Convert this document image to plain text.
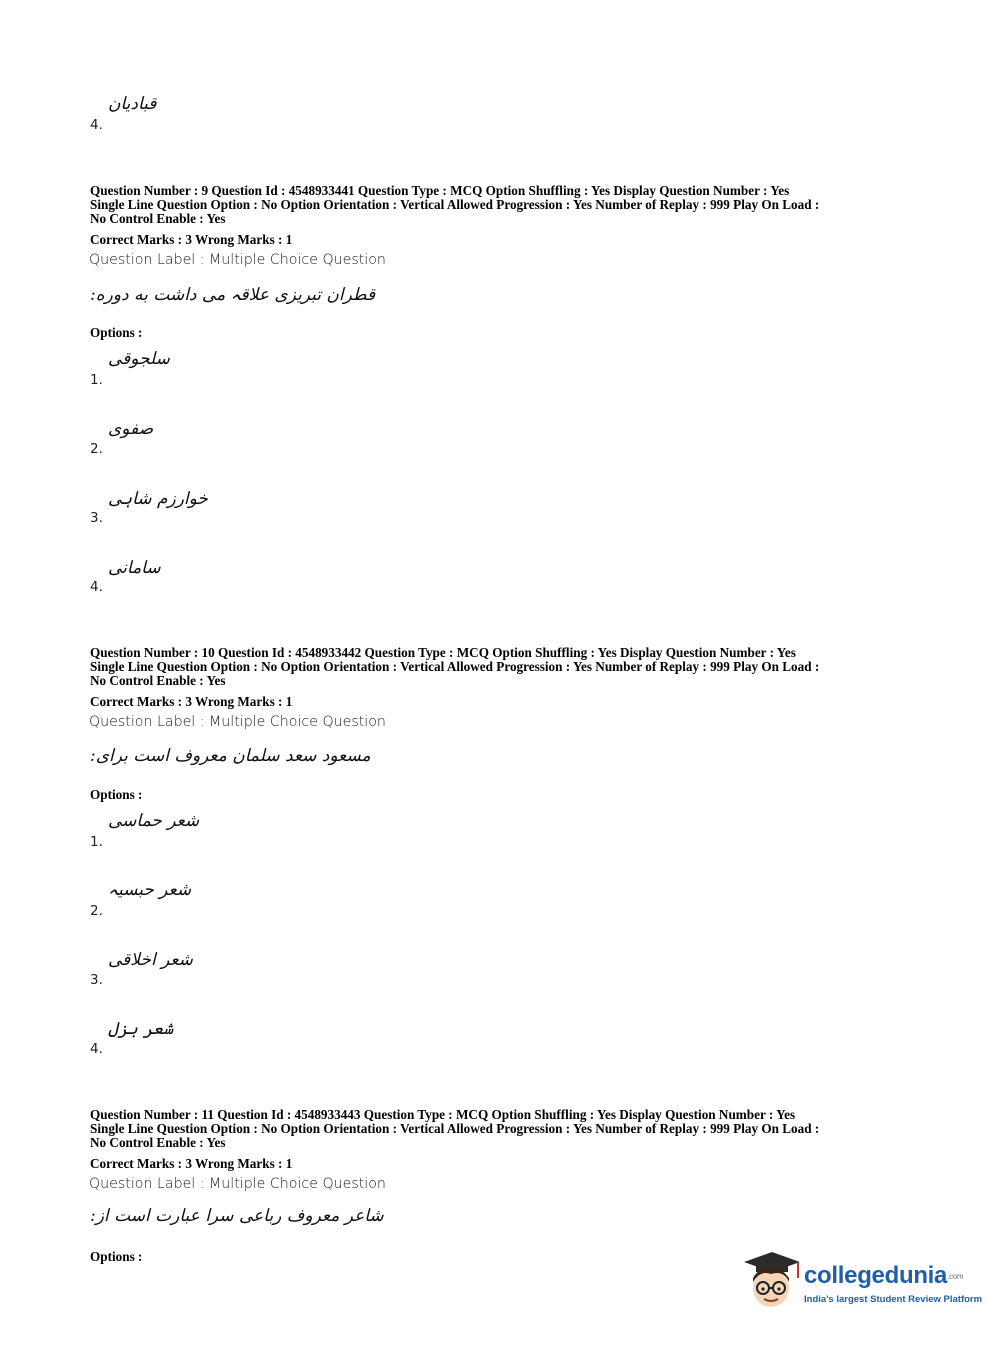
قبادیان
4.
Question Number : 9 Question Id : 4548933441 Question Type : MCQ Option Shuffling : Yes Display Question Number : Yes
Single Line Question Option : No Option Orientation : Vertical Allowed Progression : Yes Number of Replay : 999 Play On Load :
No Control Enable : Yes
Correct Marks : 3 Wrong Marks : 1
Question Label : Multiple Choice Question
قطران تبریزی علاقہ می داشت به دوره:
Options :
سلجوقی
1.
صفوی
2.
خوارزم شاہی
3.
سامانی
4.
Question Number : 10 Question Id : 4548933442 Question Type : MCQ Option Shuffling : Yes Display Question Number : Yes
Single Line Question Option : No Option Orientation : Vertical Allowed Progression : Yes Number of Replay : 999 Play On Load :
No Control Enable : Yes
Correct Marks : 3 Wrong Marks : 1
Question Label : Multiple Choice Question
مسعود سعد سلمان معروف است برای:
Options :
شعر حماسی
1.
شعر حبسیہ
2.
شعر اخلاقی
3.
شعر ہزل
4.
Question Number : 11 Question Id : 4548933443 Question Type : MCQ Option Shuffling : Yes Display Question Number : Yes
Single Line Question Option : No Option Orientation : Vertical Allowed Progression : Yes Number of Replay : 999 Play On Load :
No Control Enable : Yes
Correct Marks : 3 Wrong Marks : 1
Question Label : Multiple Choice Question
شاعر معروف رباعی سرا عبارت است از:
Options :
collegedunia.com
India's largest Student Review Platform
